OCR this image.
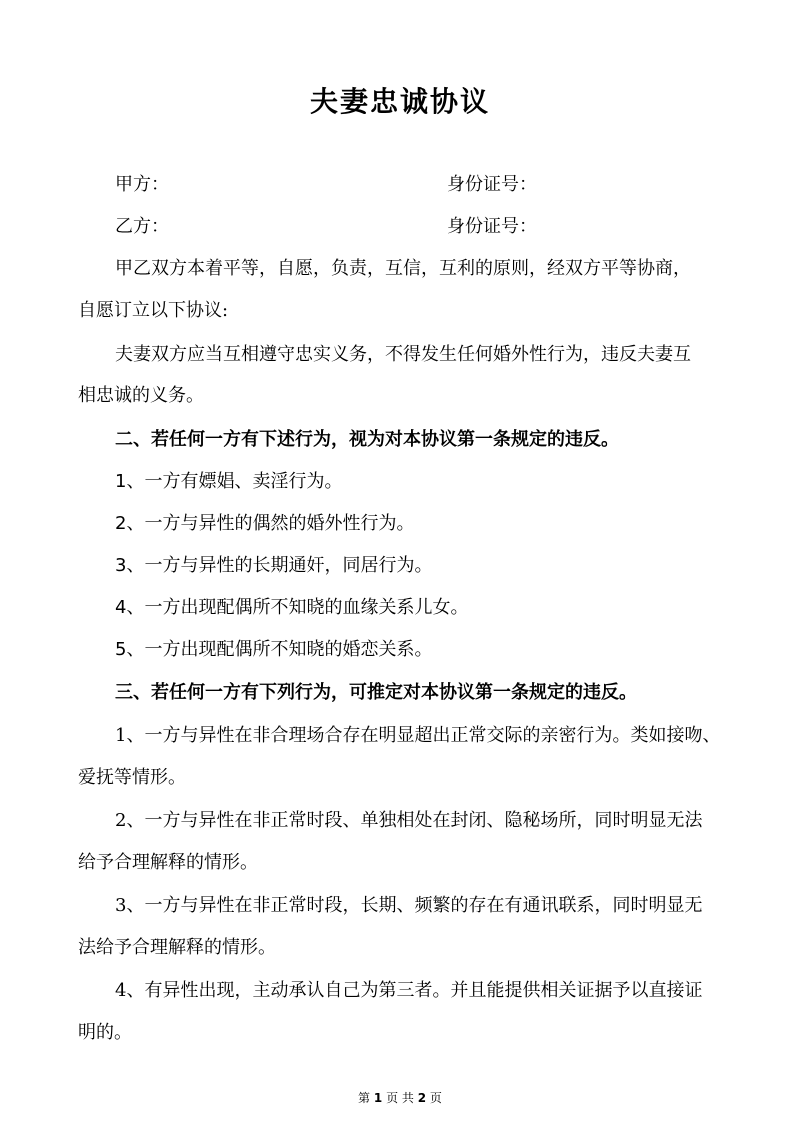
夫妻忠诚协议
甲方：	身份证号：
乙方：	身份证号：
甲乙双方本着平等，自愿，负责，互信，互利的原则，经双方平等协商，
自愿订立以下协议:
夫妻双方应当互相遵守忠实义务，不得发生任何婚外性行为，违反夫妻互
相忠诚的义务。
二、若任何一方有下述行为，视为对本协议第一条规定的违反。
1、一方有嫖娼、卖淫行为。
2、一方与异性的偶然的婚外性行为。
3、一方与异性的长期通奸，同居行为。
4、一方出现配偶所不知晓的血缘关系儿女。
5、一方出现配偶所不知晓的婚恋关系。
三、若任何一方有下列行为，可推定对本协议第一条规定的违反。
1、一方与异性在非合理场合存在明显超出正常交际的亲密行为。类如接吻、
爱抚等情形。
2、一方与异性在非正常时段、单独相处在封闭、隐秘场所，同时明显无法
给予合理解释的情形。
3、一方与异性在非正常时段，长期、频繁的存在有通讯联系，同时明显无
法给予合理解释的情形。
4、有异性出现，主动承认自己为第三者。并且能提供相关证据予以直接证
明的。
第 1 页 共 2 页
